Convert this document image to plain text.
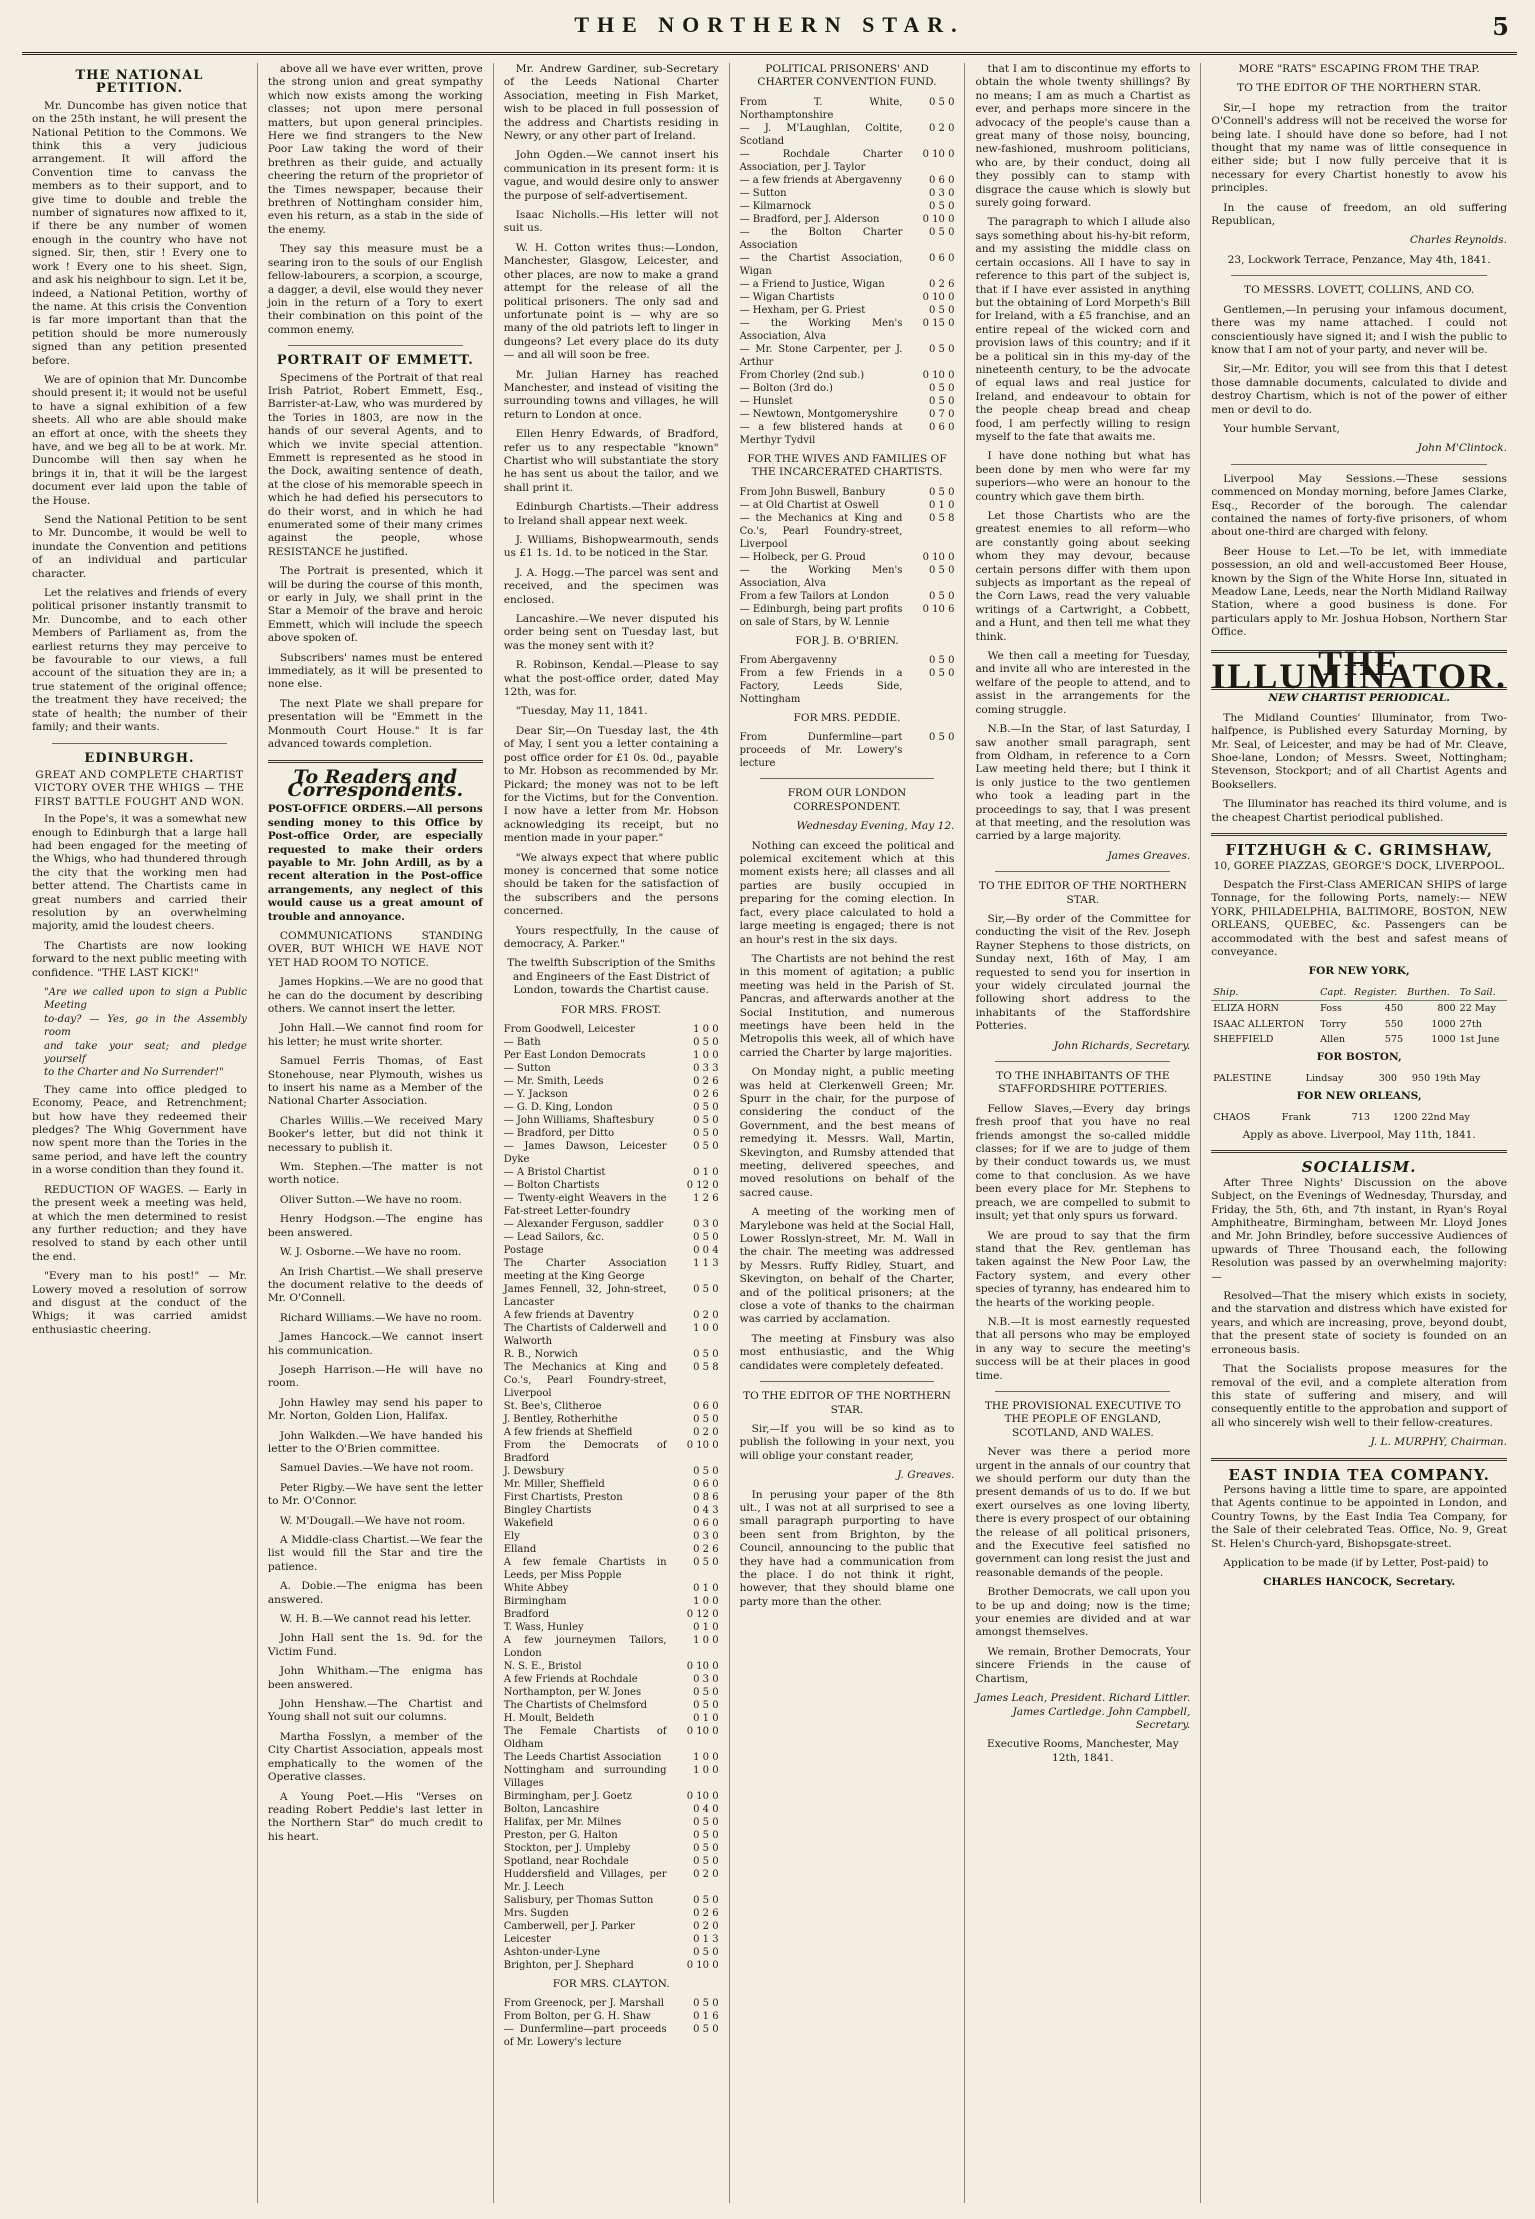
THE NORTHERN STAR.	5
THE NATIONAL PETITION.

Mr. Duncombe has given notice that on the 25th instant, he will present the National Petition to the Commons. We think this a very judicious arrangement. It will afford the Convention time to canvass the members as to their support, and to give time to double and treble the number of signatures now affixed to it, if there be any number of women enough in the country who have not signed. Sir, then, stir ! Every one to work ! Every one to his sheet. Sign, and ask his neighbour to sign. Let it be, indeed, a National Petition, worthy of the name. At this crisis the Convention is far more important than that the petition should be more numerously signed than any petition presented before.

We are of opinion that Mr. Duncombe should present it; it would not be useful to have a signal exhibition of a few sheets. All who are able should make an effort at once, with the sheets they have, and we beg all to be at work. Mr. Duncombe will then say when he brings it in, that it will be the largest document ever laid upon the table of the House.

Send the National Petition to be sent to Mr. Duncombe, it would be well to inundate the Convention and petitions of an individual and particular character.

Let the relatives and friends of every political prisoner instantly transmit to Mr. Duncombe, and to each other Members of Parliament as, from the earliest returns they may perceive to be favourable to our views, a full account of the situation they are in; a true statement of the original offence; the treatment they have received; the state of health; the number of their family; and their wants.

EDINBURGH.
GREAT AND COMPLETE CHARTIST VICTORY OVER THE WHIGS — THE FIRST BATTLE FOUGHT AND WON.

In the Pope's, it was a somewhat new enough to Edinburgh that a large hall had been engaged for the meeting of the Whigs, who had thundered through the city that the working men had better attend. The Chartists came in great numbers and carried their resolution by an overwhelming majority, amid the loudest cheers.

The Chartists are now looking forward to the next public meeting with confidence. "THE LAST KICK!"

"Are we called upon to sign a Public Meeting
to-day? — Yes, go in the Assembly room
and take your seat; and pledge yourself
to the Charter and No Surrender!"

They came into office pledged to Economy, Peace, and Retrenchment; but how have they redeemed their pledges? The Whig Government have now spent more than the Tories in the same period, and have left the country in a worse condition than they found it.

REDUCTION OF WAGES. — Early in the present week a meeting was held, at which the men determined to resist any further reduction; and they have resolved to stand by each other until the end.

"Every man to his post!" — Mr. Lowery moved a resolution of sorrow and disgust at the conduct of the Whigs; it was carried amidst enthusiastic cheering.

above all we have ever written, prove the strong union and great sympathy which now exists among the working classes; not upon mere personal matters, but upon general principles. Here we find strangers to the New Poor Law taking the word of their brethren as their guide, and actually cheering the return of the proprietor of the Times newspaper, because their brethren of Nottingham consider him, even his return, as a stab in the side of the enemy.

They say this measure must be a searing iron to the souls of our English fellow-labourers, a scorpion, a scourge, a dagger, a devil, else would they never join in the return of a Tory to exert their combination on this point of the common enemy.

PORTRAIT OF EMMETT.

Specimens of the Portrait of that real Irish Patriot, Robert Emmett, Esq., Barrister-at-Law, who was murdered by the Tories in 1803, are now in the hands of our several Agents, and to which we invite special attention. Emmett is represented as he stood in the Dock, awaiting sentence of death, at the close of his memorable speech in which he had defied his persecutors to do their worst, and in which he had enumerated some of their many crimes against the people, whose RESISTANCE he justified.

The Portrait is presented, which it will be during the course of this month, or early in July, we shall print in the Star a Memoir of the brave and heroic Emmett, which will include the speech above spoken of.

Subscribers' names must be entered immediately, as it will be presented to none else.

The next Plate we shall prepare for presentation will be "Emmett in the Monmouth Court House." It is far advanced towards completion.

To Readers and Correspondents.

POST-OFFICE ORDERS.—All persons sending money to this Office by Post-office Order, are especially requested to make their orders payable to Mr. John Ardill, as by a recent alteration in the Post-office arrangements, any neglect of this would cause us a great amount of trouble and annoyance.

COMMUNICATIONS STANDING OVER, BUT WHICH WE HAVE NOT YET HAD ROOM TO NOTICE.

James Hopkins.—We are no good that he can do the document by describing others. We cannot insert the letter.

John Hall.—We cannot find room for his letter; he must write shorter.

Samuel Ferris Thomas, of East Stonehouse, near Plymouth, wishes us to insert his name as a Member of the National Charter Association.

Charles Willis.—We received Mary Booker's letter, but did not think it necessary to publish it.

Wm. Stephen.—The matter is not worth notice.

Oliver Sutton.—We have no room.

Henry Hodgson.—The engine has been answered.

W. J. Osborne.—We have no room.

An Irish Chartist.—We shall preserve the document relative to the deeds of Mr. O'Connell.

Richard Williams.—We have no room.

James Hancock.—We cannot insert his communication.

Joseph Harrison.—He will have no room.

John Hawley may send his paper to Mr. Norton, Golden Lion, Halifax.

John Walkden.—We have handed his letter to the O'Brien committee.

Samuel Davies.—We have not room.

Peter Rigby.—We have sent the letter to Mr. O'Connor.

W. M'Dougall.—We have not room.

A Middle-class Chartist.—We fear the list would fill the Star and tire the patience.

A. Dobie.—The enigma has been answered.

W. H. B.—We cannot read his letter.

John Hall sent the 1s. 9d. for the Victim Fund.

John Whitham.—The enigma has been answered.

John Henshaw.—The Chartist and Young shall not suit our columns.

Martha Fosslyn, a member of the City Chartist Association, appeals most emphatically to the women of the Operative classes.

A Young Poet.—His "Verses on reading Robert Peddie's last letter in the Northern Star" do much credit to his heart.

Mr. Andrew Gardiner, sub-Secretary of the Leeds National Charter Association, meeting in Fish Market, wish to be placed in full possession of the address and Chartists residing in Newry, or any other part of Ireland.

John Ogden.—We cannot insert his communication in its present form: it is vague, and would desire only to answer the purpose of self-advertisement.

Isaac Nicholls.—His letter will not suit us.

W. H. Cotton writes thus:—London, Manchester, Glasgow, Leicester, and other places, are now to make a grand attempt for the release of all the political prisoners. The only sad and unfortunate point is — why are so many of the old patriots left to linger in dungeons? Let every place do its duty — and all will soon be free.

Mr. Julian Harney has reached Manchester, and instead of visiting the surrounding towns and villages, he will return to London at once.

Ellen Henry Edwards, of Bradford, refer us to any respectable "known" Chartist who will substantiate the story he has sent us about the tailor, and we shall print it.

Edinburgh Chartists.—Their address to Ireland shall appear next week.

J. Williams, Bishopwearmouth, sends us £1 1s. 1d. to be noticed in the Star.

J. A. Hogg.—The parcel was sent and received, and the specimen was enclosed.

Lancashire.—We never disputed his order being sent on Tuesday last, but was the money sent with it?

R. Robinson, Kendal.—Please to say what the post-office order, dated May 12th, was for.

"Tuesday, May 11, 1841.

Dear Sir,—On Tuesday last, the 4th of May, I sent you a letter containing a post office order for £1 0s. 0d., payable to Mr. Hobson as recommended by Mr. Pickard; the money was not to be left for the Victims, but for the Convention. I now have a letter from Mr. Hobson acknowledging its receipt, but no mention made in your paper."

"We always expect that where public money is concerned that some notice should be taken for the satisfaction of the subscribers and the persons concerned.

Yours respectfully, In the cause of democracy, A. Parker."

The twelfth Subscription of the Smiths and Engineers of the East District of London, towards the Chartist cause.

FOR MRS. FROST.

From Goodwell, Leicester	1 0 0
— Bath	0 5 0
Per East London Democrats	1 0 0
— Sutton	0 3 3
— Mr. Smith, Leeds	0 2 6
— Y. Jackson	0 2 6
— G. D. King, London	0 5 0
— John Williams, Shaftesbury	0 5 0
— Bradford, per Ditto	0 5 0
— James Dawson, Leicester Dyke	0 5 0
— A Bristol Chartist	0 1 0
— Bolton Chartists	0 12 0
— Twenty-eight Weavers in the Fat-street Letter-foundry	1 2 6
— Alexander Ferguson, saddler	0 3 0
— Lead Sailors, &c.	0 5 0
Postage	0 0 4
The Charter Association meeting at the King George	1 1 3
James Fennell, 32, John-street, Lancaster	0 5 0
A few friends at Daventry	0 2 0
The Chartists of Calderwell and Walworth	1 0 0
R. B., Norwich	0 5 0
The Mechanics at King and Co.'s, Pearl Foundry-street, Liverpool	0 5 8
St. Bee's, Clitheroe	0 6 0
J. Bentley, Rotherhithe	0 5 0
A few friends at Sheffield	0 2 0
From the Democrats of Bradford	0 10 0
J. Dewsbury	0 5 0
Mr. Miller, Sheffield	0 6 0
First Chartists, Preston	0 8 6
Bingley Chartists	0 4 3
Wakefield	0 6 0
Ely	0 3 0
Elland	0 2 6
A few female Chartists in Leeds, per Miss Popple	0 5 0
White Abbey	0 1 0
Birmingham	1 0 0
Bradford	0 12 0
T. Wass, Hunley	0 1 0
A few journeymen Tailors, London	1 0 0
N. S. E., Bristol	0 10 0
A few Friends at Rochdale	0 3 0
Northampton, per W. Jones	0 5 0
The Chartists of Chelmsford	0 5 0
H. Moult, Beldeth	0 1 0
The Female Chartists of Oldham	0 10 0
The Leeds Chartist Association	1 0 0
Nottingham and surrounding Villages	1 0 0
Birmingham, per J. Goetz	0 10 0
Bolton, Lancashire	0 4 0
Halifax, per Mr. Milnes	0 5 0
Preston, per G. Halton	0 5 0
Stockton, per J. Umpleby	0 5 0
Spotland, near Rochdale	0 5 0
Huddersfield and Villages, per Mr. J. Leech	0 2 0
Salisbury, per Thomas Sutton	0 5 0
Mrs. Sugden	0 2 6
Camberwell, per J. Parker	0 2 0
Leicester	0 1 3
Ashton-under-Lyne	0 5 0
Brighton, per J. Shephard	0 10 0

FOR MRS. CLAYTON.

From Greenock, per J. Marshall	0 5 0
From Bolton, per G. H. Shaw	0 1 6
— Dunfermline—part proceeds of Mr. Lowery's lecture	0 5 0

POLITICAL PRISONERS' AND CHARTER CONVENTION FUND.

From T. White, Northamptonshire	0 5 0
— J. M'Laughlan, Coltite, Scotland	0 2 0
— Rochdale Charter Association, per J. Taylor	0 10 0
— a few friends at Abergavenny	0 6 0
— Sutton	0 3 0
— Kilmarnock	0 5 0
— Bradford, per J. Alderson	0 10 0
— the Bolton Charter Association	0 5 0
— the Chartist Association, Wigan	0 6 0
— a Friend to Justice, Wigan	0 2 6
— Wigan Chartists	0 10 0
— Hexham, per G. Priest	0 5 0
— the Working Men's Association, Alva	0 15 0
— Mr. Stone Carpenter, per J. Arthur	0 5 0
From Chorley (2nd sub.)	0 10 0
— Bolton (3rd do.)	0 5 0
— Hunslet	0 5 0
— Newtown, Montgomeryshire	0 7 0
— a few blistered hands at Merthyr Tydvil	0 6 0

FOR THE WIVES AND FAMILIES OF THE INCARCERATED CHARTISTS.

From John Buswell, Banbury	0 5 0
— at Old Chartist at Oswell	0 1 0
— the Mechanics at King and Co.'s, Pearl Foundry-street, Liverpool	0 5 8
— Holbeck, per G. Proud	0 10 0
— the Working Men's Association, Alva	0 5 0
From a few Tailors at London	0 5 0
— Edinburgh, being part profits on sale of Stars, by W. Lennie	0 10 6

FOR J. B. O'BRIEN.

From Abergavenny	0 5 0
From a few Friends in a Factory, Leeds Side, Nottingham	0 5 0

FOR MRS. PEDDIE.

From Dunfermline—part proceeds of Mr. Lowery's lecture	0 5 0

FROM OUR LONDON CORRESPONDENT.

Wednesday Evening, May 12.

Nothing can exceed the political and polemical excitement which at this moment exists here; all classes and all parties are busily occupied in preparing for the coming election. In fact, every place calculated to hold a large meeting is engaged; there is not an hour's rest in the six days.

The Chartists are not behind the rest in this moment of agitation; a public meeting was held in the Parish of St. Pancras, and afterwards another at the Social Institution, and numerous meetings have been held in the Metropolis this week, all of which have carried the Charter by large majorities.

On Monday night, a public meeting was held at Clerkenwell Green; Mr. Spurr in the chair, for the purpose of considering the conduct of the Government, and the best means of remedying it. Messrs. Wall, Martin, Skevington, and Rumsby attended that meeting, delivered speeches, and moved resolutions on behalf of the sacred cause.

A meeting of the working men of Marylebone was held at the Social Hall, Lower Rosslyn-street, Mr. M. Wall in the chair. The meeting was addressed by Messrs. Ruffy Ridley, Stuart, and Skevington, on behalf of the Charter, and of the political prisoners; at the close a vote of thanks to the chairman was carried by acclamation.

The meeting at Finsbury was also most enthusiastic, and the Whig candidates were completely defeated.

TO THE EDITOR OF THE NORTHERN STAR.

Sir,—If you will be so kind as to publish the following in your next, you will oblige your constant reader,

J. Greaves.

In perusing your paper of the 8th ult., I was not at all surprised to see a small paragraph purporting to have been sent from Brighton, by the Council, announcing to the public that they have had a communication from the place. I do not think it right, however, that they should blame one party more than the other.

that I am to discontinue my efforts to obtain the whole twenty shillings? By no means; I am as much a Chartist as ever, and perhaps more sincere in the advocacy of the people's cause than a great many of those noisy, bouncing, new-fashioned, mushroom politicians, who are, by their conduct, doing all they possibly can to stamp with disgrace the cause which is slowly but surely going forward.

The paragraph to which I allude also says something about his-hy-bit reform, and my assisting the middle class on certain occasions. All I have to say in reference to this part of the subject is, that if I have ever assisted in anything but the obtaining of Lord Morpeth's Bill for Ireland, with a £5 franchise, and an entire repeal of the wicked corn and provision laws of this country; and if it be a political sin in this my-day of the nineteenth century, to be the advocate of equal laws and real justice for Ireland, and endeavour to obtain for the people cheap bread and cheap food, I am perfectly willing to resign myself to the fate that awaits me.

I have done nothing but what has been done by men who were far my superiors—who were an honour to the country which gave them birth.

Let those Chartists who are the greatest enemies to all reform—who are constantly going about seeking whom they may devour, because certain persons differ with them upon subjects as important as the repeal of the Corn Laws, read the very valuable writings of a Cartwright, a Cobbett, and a Hunt, and then tell me what they think.

We then call a meeting for Tuesday, and invite all who are interested in the welfare of the people to attend, and to assist in the arrangements for the coming struggle.

N.B.—In the Star, of last Saturday, I saw another small paragraph, sent from Oldham, in reference to a Corn Law meeting held there; but I think it is only justice to the two gentlemen who took a leading part in the proceedings to say, that I was present at that meeting, and the resolution was carried by a large majority.

James Greaves.

TO THE EDITOR OF THE NORTHERN STAR.

Sir,—By order of the Committee for conducting the visit of the Rev. Joseph Rayner Stephens to those districts, on Sunday next, 16th of May, I am requested to send you for insertion in your widely circulated journal the following short address to the inhabitants of the Staffordshire Potteries.

John Richards, Secretary.

TO THE INHABITANTS OF THE STAFFORDSHIRE POTTERIES.

Fellow Slaves,—Every day brings fresh proof that you have no real friends amongst the so-called middle classes; for if we are to judge of them by their conduct towards us, we must come to that conclusion. As we have been every place for Mr. Stephens to preach, we are compelled to submit to insult; yet that only spurs us forward.

We are proud to say that the firm stand that the Rev. gentleman has taken against the New Poor Law, the Factory system, and every other species of tyranny, has endeared him to the hearts of the working people.

N.B.—It is most earnestly requested that all persons who may be employed in any way to secure the meeting's success will be at their places in good time.

THE PROVISIONAL EXECUTIVE TO THE PEOPLE OF ENGLAND, SCOTLAND, AND WALES.

Never was there a period more urgent in the annals of our country that we should perform our duty than the present demands of us to do. If we but exert ourselves as one loving liberty, there is every prospect of our obtaining the release of all political prisoners, and the Executive feel satisfied no government can long resist the just and reasonable demands of the people.

Brother Democrats, we call upon you to be up and doing; now is the time; your enemies are divided and at war amongst themselves.

We remain, Brother Democrats, Your sincere Friends in the cause of Chartism,

James Leach, President. Richard Littler. James Cartledge. John Campbell, Secretary.

Executive Rooms, Manchester, May 12th, 1841.

MORE "RATS" ESCAPING FROM THE TRAP.

TO THE EDITOR OF THE NORTHERN STAR.

Sir,—I hope my retraction from the traitor O'Connell's address will not be received the worse for being late. I should have done so before, had I not thought that my name was of little consequence in either side; but I now fully perceive that it is necessary for every Chartist honestly to avow his principles.

In the cause of freedom, an old suffering Republican,

Charles Reynolds.

23, Lockwork Terrace, Penzance, May 4th, 1841.

TO MESSRS. LOVETT, COLLINS, AND CO.

Gentlemen,—In perusing your infamous document, there was my name attached. I could not conscientiously have signed it; and I wish the public to know that I am not of your party, and never will be.

Sir,—Mr. Editor, you will see from this that I detest those damnable documents, calculated to divide and destroy Chartism, which is not of the power of either men or devil to do.

Your humble Servant,

John M'Clintock.

Liverpool May Sessions.—These sessions commenced on Monday morning, before James Clarke, Esq., Recorder of the borough. The calendar contained the names of forty-five prisoners, of whom about one-third are charged with felony.

Beer House to Let.—To be let, with immediate possession, an old and well-accustomed Beer House, known by the Sign of the White Horse Inn, situated in Meadow Lane, Leeds, near the North Midland Railway Station, where a good business is done. For particulars apply to Mr. Joshua Hobson, Northern Star Office.

THE ILLUMINATOR.

NEW CHARTIST PERIODICAL.

The Midland Counties' Illuminator, from Two-halfpence, is Published every Saturday Morning, by Mr. Seal, of Leicester, and may be had of Mr. Cleave, Shoe-lane, London; of Messrs. Sweet, Nottingham; Stevenson, Stockport; and of all Chartist Agents and Booksellers.

The Illuminator has reached its third volume, and is the cheapest Chartist periodical published.

FITZHUGH & C. GRIMSHAW,

10, GOREE PIAZZAS, GEORGE'S DOCK, LIVERPOOL.

Despatch the First-Class AMERICAN SHIPS of large Tonnage, for the following Ports, namely:— NEW YORK, PHILADELPHIA, BALTIMORE, BOSTON, NEW ORLEANS, QUEBEC, &c. Passengers can be accommodated with the best and safest means of conveyance.

FOR NEW YORK,

Ship.	Capt.	Register.	Burthen.	To Sail.
ELIZA HORN	Foss	450	800	22 May
ISAAC ALLERTON	Torry	550	1000	27th
SHEFFIELD	Allen	575	1000	1st June

FOR BOSTON,

PALESTINE	Lindsay	300	950	19th May

FOR NEW ORLEANS,

CHAOS	Frank	713	1200	22nd May

Apply as above. Liverpool, May 11th, 1841.

SOCIALISM.

After Three Nights' Discussion on the above Subject, on the Evenings of Wednesday, Thursday, and Friday, the 5th, 6th, and 7th instant, in Ryan's Royal Amphitheatre, Birmingham, between Mr. Lloyd Jones and Mr. John Brindley, before successive Audiences of upwards of Three Thousand each, the following Resolution was passed by an overwhelming majority:—

Resolved—That the misery which exists in society, and the starvation and distress which have existed for years, and which are increasing, prove, beyond doubt, that the present state of society is founded on an erroneous basis.

That the Socialists propose measures for the removal of the evil, and a complete alteration from this state of suffering and misery, and will consequently entitle to the approbation and support of all who sincerely wish well to their fellow-creatures.

J. L. MURPHY, Chairman.

EAST INDIA TEA COMPANY.

Persons having a little time to spare, are appointed that Agents continue to be appointed in London, and Country Towns, by the East India Tea Company, for the Sale of their celebrated Teas. Office, No. 9, Great St. Helen's Church-yard, Bishopsgate-street.

Application to be made (if by Letter, Post-paid) to

CHARLES HANCOCK, Secretary.
